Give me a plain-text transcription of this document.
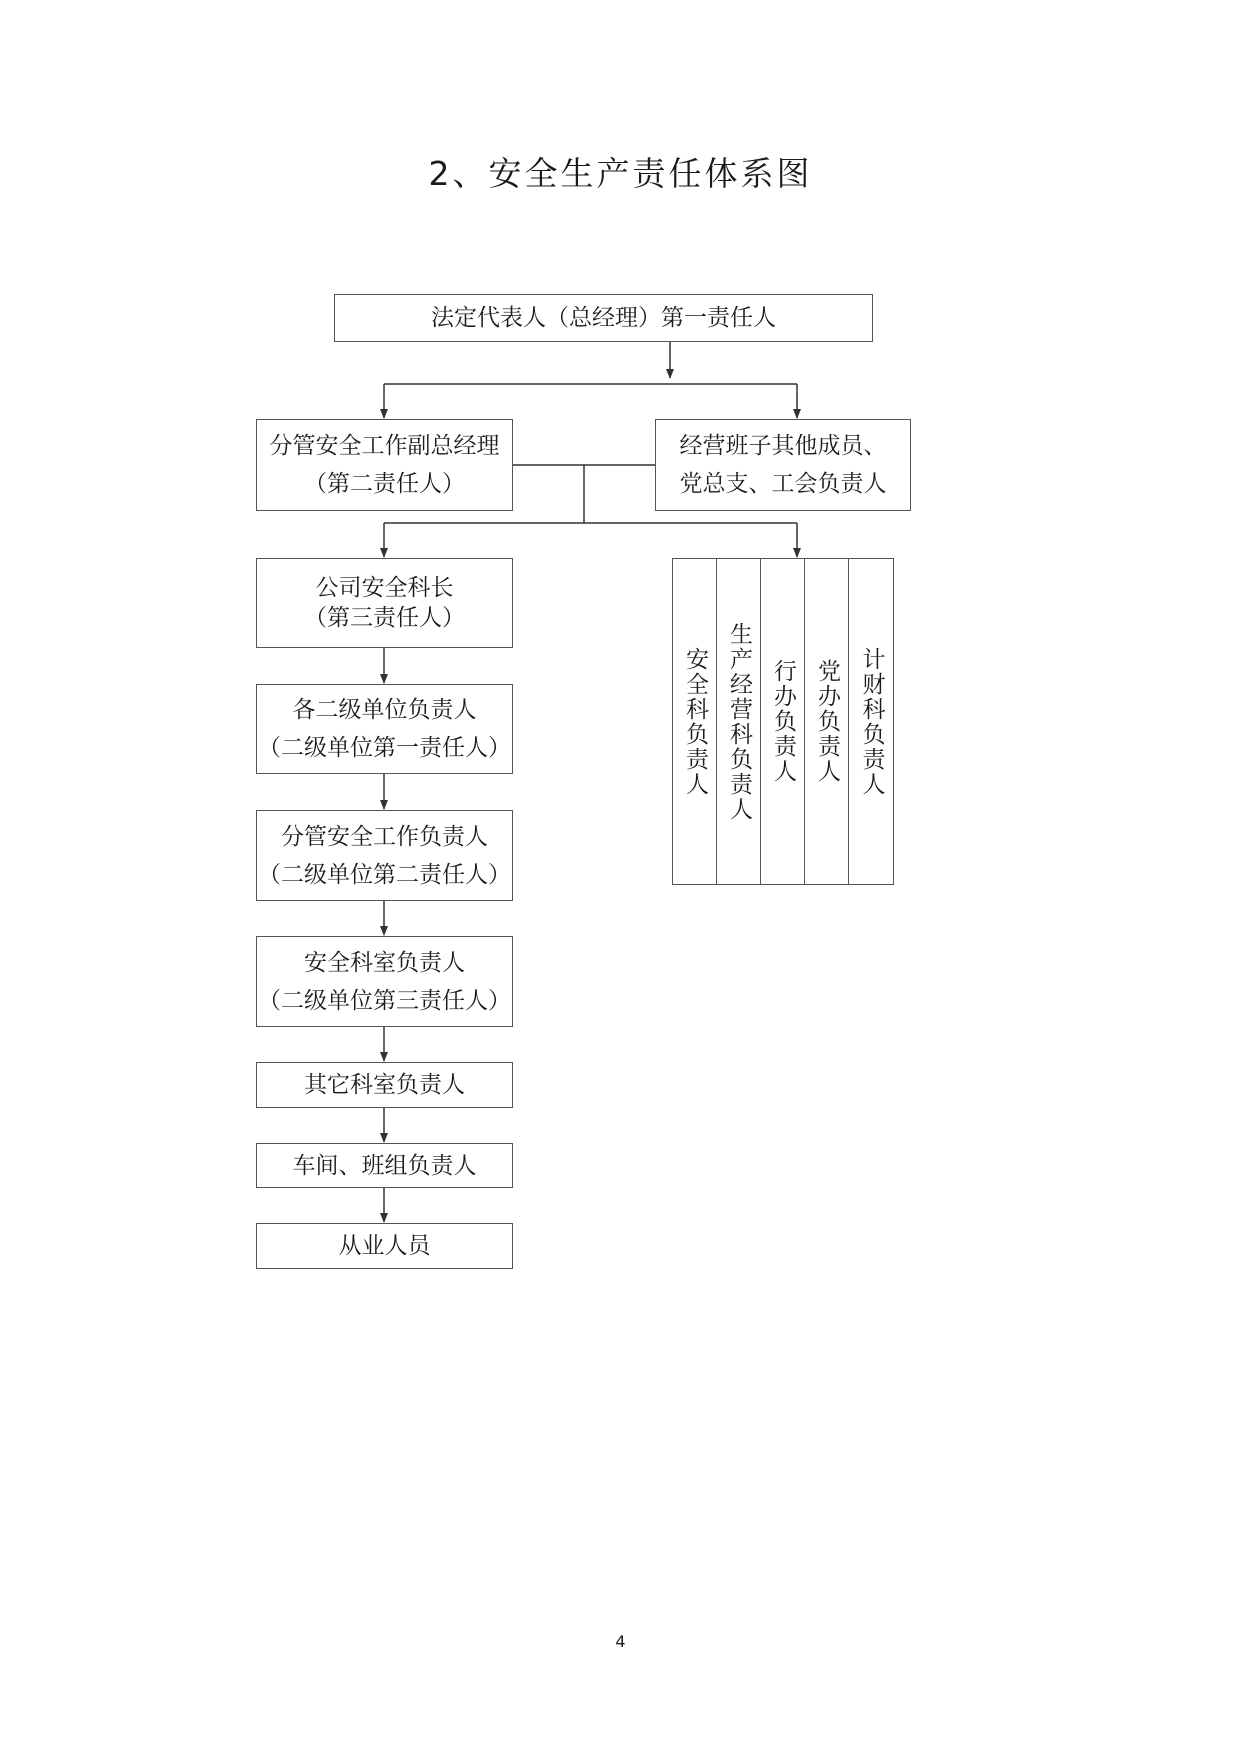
2、安全生产责任体系图
法定代表人（总经理）第一责任人
分管安全工作副总经理
（第二责任人）
经营班子其他成员、
党总支、工会负责人
公司安全科长
（第三责任人）
各二级单位负责人
（二级单位第一责任人）
分管安全工作负责人
（二级单位第二责任人）
安全科室负责人
（二级单位第三责任人）
其它科室负责人
车间、班组负责人
从业人员
安全科负责人 生产经营科负责人 行办负责人 党办负责人 计财科负责人
4
